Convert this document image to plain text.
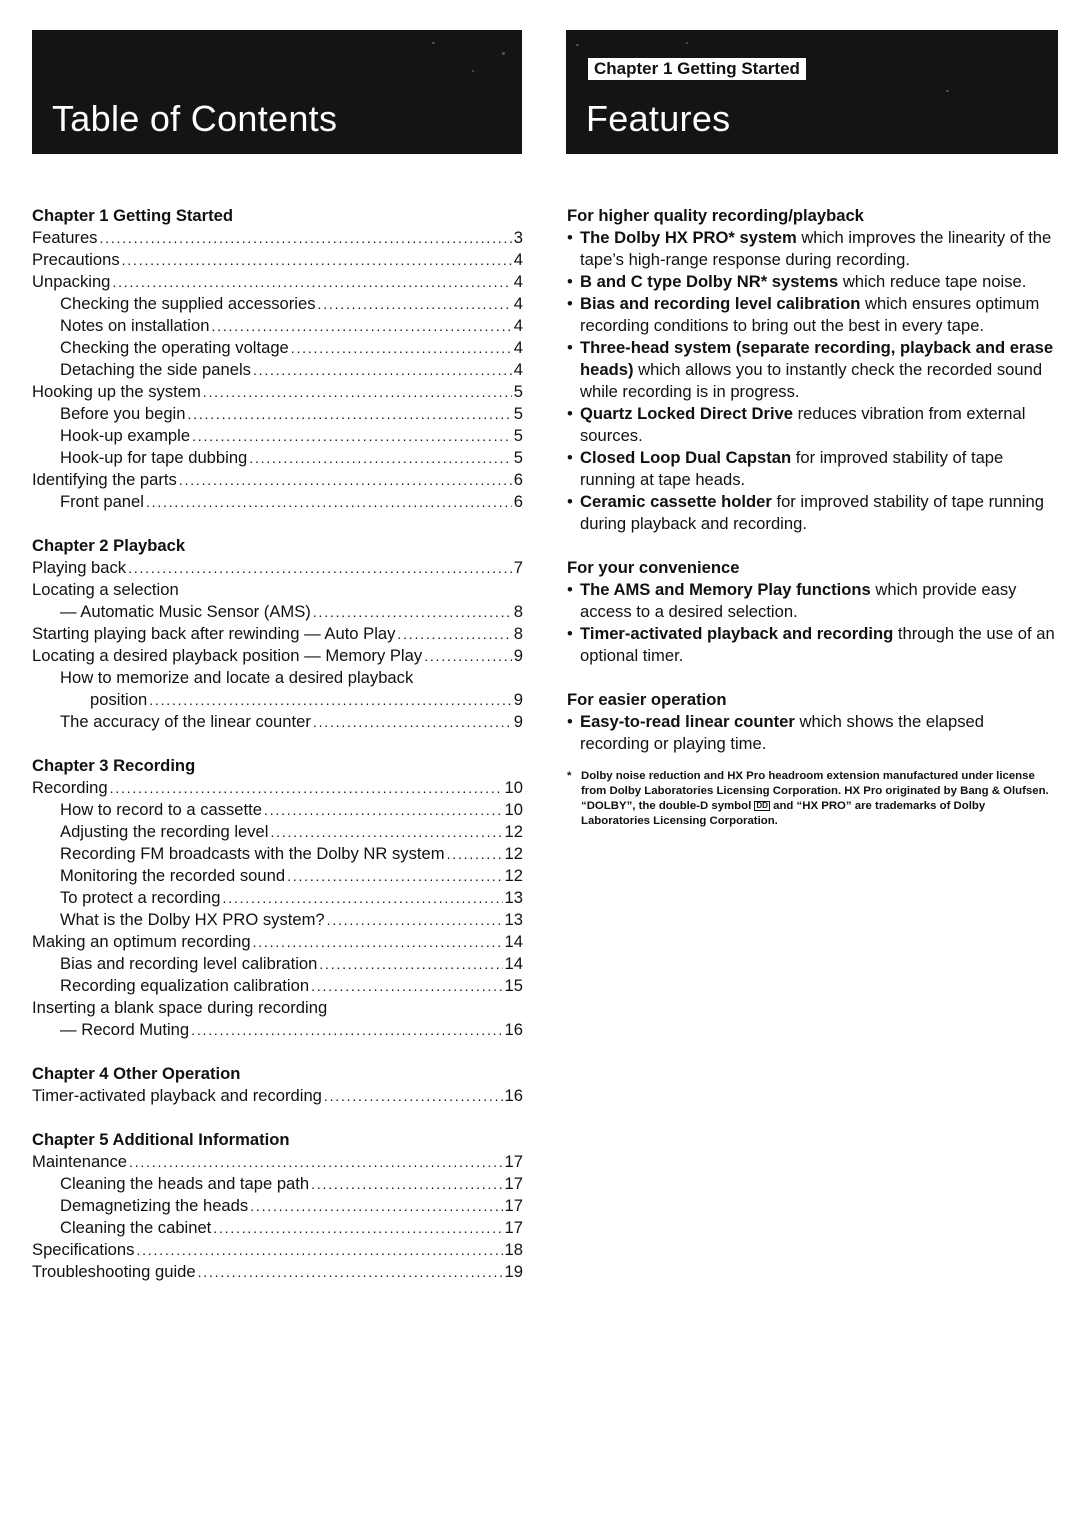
Table of Contents
Chapter 1 Getting Started
Features
Chapter 1 Getting Started
Features .....	3
Precautions .....	4
Unpacking .....	4
Checking the supplied accessories .....	4
Notes on installation .....	4
Checking the operating voltage .....	4
Detaching the side panels .....	4
Hooking up the system .....	5
Before you begin .....	5
Hook-up example .....	5
Hook-up for tape dubbing .....	5
Identifying the parts .....	6
Front panel .....	6
Chapter 2 Playback
Playing back .....	7
Locating a selection
— Automatic Music Sensor (AMS) .....	8
Starting playing back after rewinding — Auto Play .....	8
Locating a desired playback position — Memory Play .....	9
How to memorize and locate a desired playback
position .....	9
The accuracy of the linear counter .....	9
Chapter 3 Recording
Recording .....	10
How to record to a cassette .....	10
Adjusting the recording level .....	12
Recording FM broadcasts with the Dolby NR system .....	12
Monitoring the recorded sound .....	12
To protect a recording .....	13
What is the Dolby HX PRO system? .....	13
Making an optimum recording .....	14
Bias and recording level calibration .....	14
Recording equalization calibration .....	15
Inserting a blank space during recording
— Record Muting .....	16
Chapter 4 Other Operation
Timer-activated playback and recording .....	16
Chapter 5 Additional Information
Maintenance .....	17
Cleaning the heads and tape path .....	17
Demagnetizing the heads .....	17
Cleaning the cabinet .....	17
Specifications .....	18
Troubleshooting guide .....	19
For higher quality recording/playback
• The Dolby HX PRO* system which improves the linearity of the tape’s high-range response during recording.
• B and C type Dolby NR* systems which reduce tape noise.
• Bias and recording level calibration which ensures optimum recording conditions to bring out the best in every tape.
• Three-head system (separate recording, playback and erase heads) which allows you to instantly check the recorded sound while recording is in progress.
• Quartz Locked Direct Drive reduces vibration from external sources.
• Closed Loop Dual Capstan for improved stability of tape running at tape heads.
• Ceramic cassette holder for improved stability of tape running during playback and recording.
For your convenience
• The AMS and Memory Play functions which provide easy access to a desired selection.
• Timer-activated playback and recording through the use of an optional timer.
For easier operation
• Easy-to-read linear counter which shows the elapsed recording or playing time.
* Dolby noise reduction and HX Pro headroom extension manufactured under license from Dolby Laboratories Licensing Corporation. HX Pro originated by Bang & Olufsen.
“DOLBY”, the double-D symbol DD and “HX PRO” are trademarks of Dolby Laboratories Licensing Corporation.
